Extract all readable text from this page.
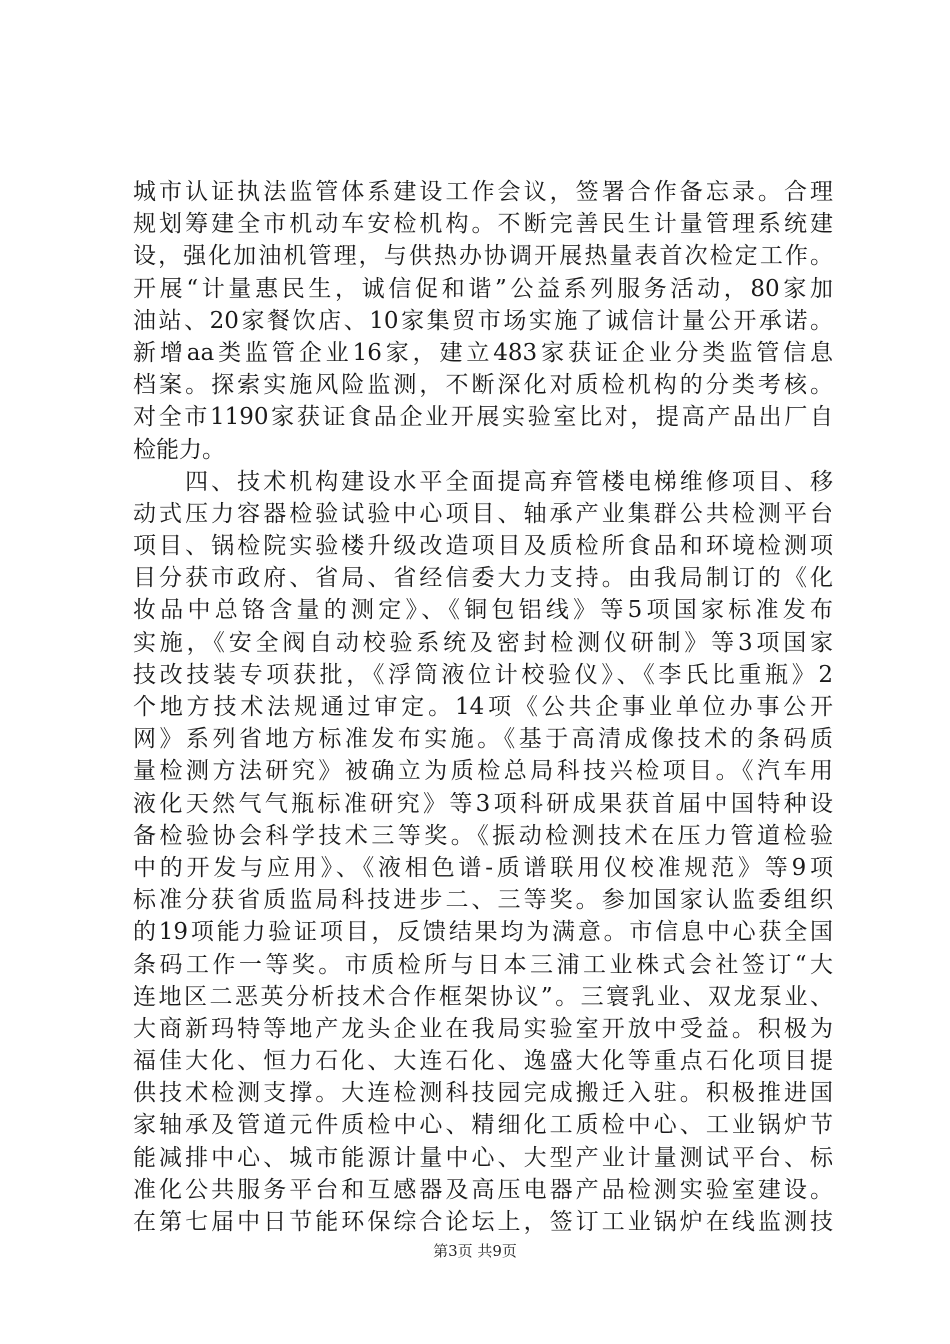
城市认证执法监管体系建设工作会议，签署合作备忘录。合理
规划筹建全市机动车安检机构。不断完善民生计量管理系统建
设，强化加油机管理，与供热办协调开展热量表首次检定工作。
开展“计量惠民生，诚信促和谐”公益系列服务活动，80家加
油站、20家餐饮店、10家集贸市场实施了诚信计量公开承诺。
新增aa类监管企业16家，建立483家获证企业分类监管信息
档案。探索实施风险监测，不断深化对质检机构的分类考核。
对全市1190家获证食品企业开展实验室比对，提高产品出厂自
检能力。
　　四、技术机构建设水平全面提高弃管楼电梯维修项目、移
动式压力容器检验试验中心项目、轴承产业集群公共检测平台
项目、锅检院实验楼升级改造项目及质检所食品和环境检测项
目分获市政府、省局、省经信委大力支持。由我局制订的《化
妆品中总铬含量的测定》、《铜包铝线》等5项国家标准发布
实施，《安全阀自动校验系统及密封检测仪研制》等3项国家
技改技装专项获批，《浮筒液位计校验仪》、《李氏比重瓶》2
个地方技术法规通过审定。14项《公共企事业单位办事公开
网》系列省地方标准发布实施。《基于高清成像技术的条码质
量检测方法研究》被确立为质检总局科技兴检项目。《汽车用
液化天然气气瓶标准研究》等3项科研成果获首届中国特种设
备检验协会科学技术三等奖。《振动检测技术在压力管道检验
中的开发与应用》、《液相色谱-质谱联用仪校准规范》等9项
标准分获省质监局科技进步二、三等奖。参加国家认监委组织
的19项能力验证项目，反馈结果均为满意。市信息中心获全国
条码工作一等奖。市质检所与日本三浦工业株式会社签订“大
连地区二恶英分析技术合作框架协议”。三寰乳业、双龙泵业、
大商新玛特等地产龙头企业在我局实验室开放中受益。积极为
福佳大化、恒力石化、大连石化、逸盛大化等重点石化项目提
供技术检测支撑。大连检测科技园完成搬迁入驻。积极推进国
家轴承及管道元件质检中心、精细化工质检中心、工业锅炉节
能减排中心、城市能源计量中心、大型产业计量测试平台、标
准化公共服务平台和互感器及高压电器产品检测实验室建设。
在第七届中日节能环保综合论坛上，签订工业锅炉在线监测技
第3页 共9页
